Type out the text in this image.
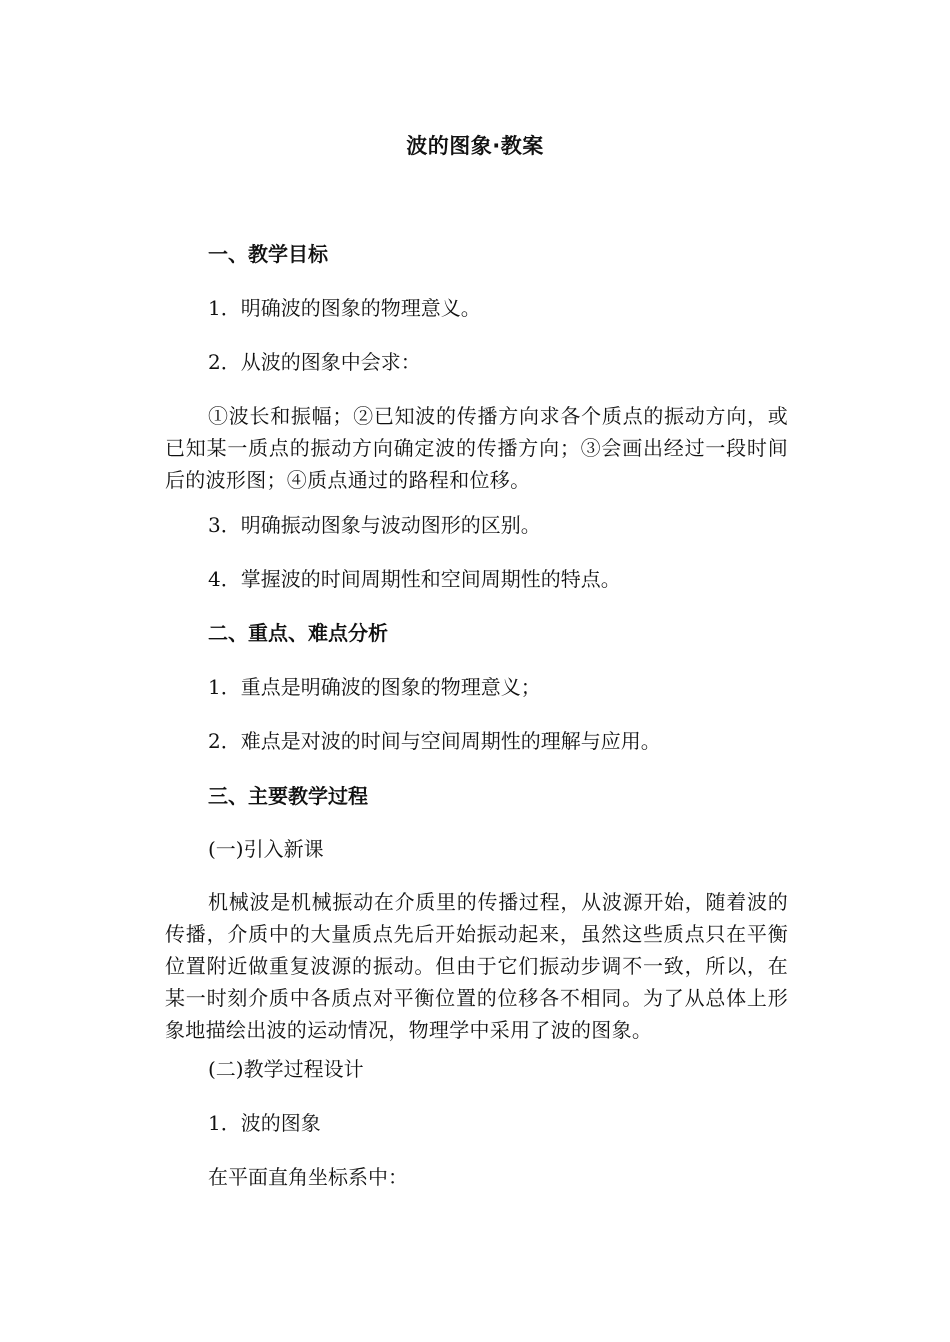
波的图象·教案
一、教学目标
1．明确波的图象的物理意义。
2．从波的图象中会求：
①波长和振幅；②已知波的传播方向求各个质点的振动方向，或已知某一质点的振动方向确定波的传播方向；③会画出经过一段时间后的波形图；④质点通过的路程和位移。
3．明确振动图象与波动图形的区别。
4．掌握波的时间周期性和空间周期性的特点。
二、重点、难点分析
1．重点是明确波的图象的物理意义；
2．难点是对波的时间与空间周期性的理解与应用。
三、主要教学过程
(一)引入新课
机械波是机械振动在介质里的传播过程，从波源开始，随着波的传播，介质中的大量质点先后开始振动起来，虽然这些质点只在平衡位置附近做重复波源的振动。但由于它们振动步调不一致，所以，在某一时刻介质中各质点对平衡位置的位移各不相同。为了从总体上形象地描绘出波的运动情况，物理学中采用了波的图象。
(二)教学过程设计
1．波的图象
在平面直角坐标系中：
